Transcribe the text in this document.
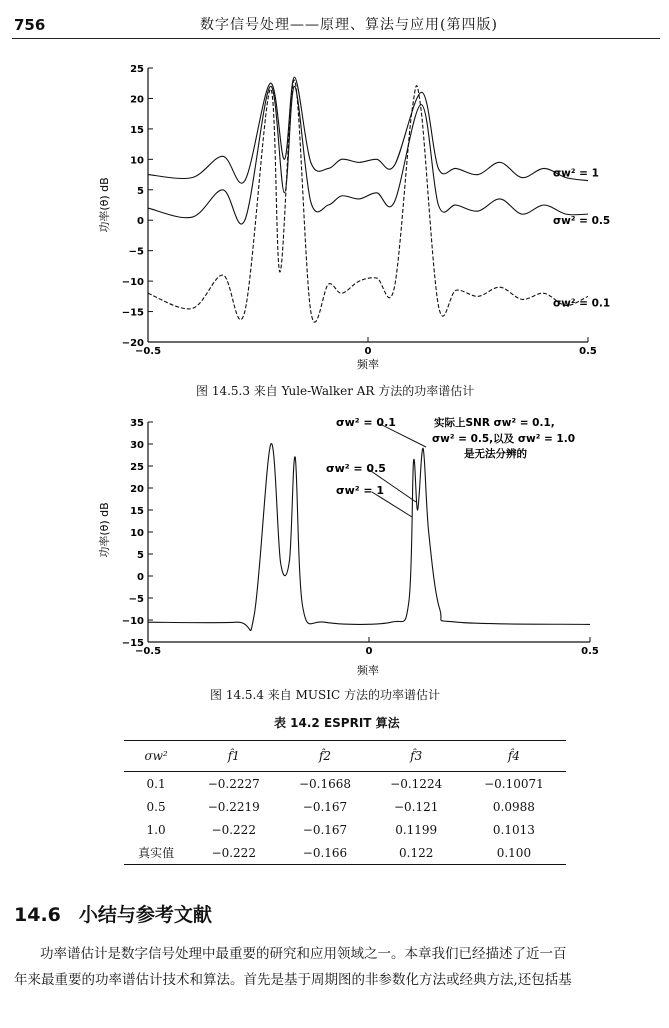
756	数字信号处理——原理、算法与应用(第四版)
25
20
15
10
5
0
−5
−10
−15
−20
−0.5	0	0.5
σw² = 1
σw² = 0.5
σw² = 0.1
频率
功率(θ) dB
图 14.5.3 来自 Yule-Walker AR 方法的功率谱估计
35
30
25
20
15
10
5
0
−5
−10
−15
−0.5	0	0.5
频率
功率(θ) dB
σw² = 0.1
σw² = 0.5
σw² = 1
实际上SNR σw² = 0.1,
σw² = 0.5,以及 σw² = 1.0
是无法分辨的
图 14.5.4 来自 MUSIC 方法的功率谱估计
表 14.2 ESPRIT 算法
σw²	f̂1	f̂2	f̂3	f̂4
0.1	−0.2227	−0.1668	−0.1224	−0.10071
0.5	−0.2219	−0.167	−0.121	0.0988
1.0	−0.222	−0.167	0.1199	0.1013
真实值	−0.222	−0.166	0.122	0.100
14.6 小结与参考文献
功率谱估计是数字信号处理中最重要的研究和应用领域之一。本章我们已经描述了近一百
年来最重要的功率谱估计技术和算法。首先是基于周期图的非参数化方法或经典方法,还包括基
